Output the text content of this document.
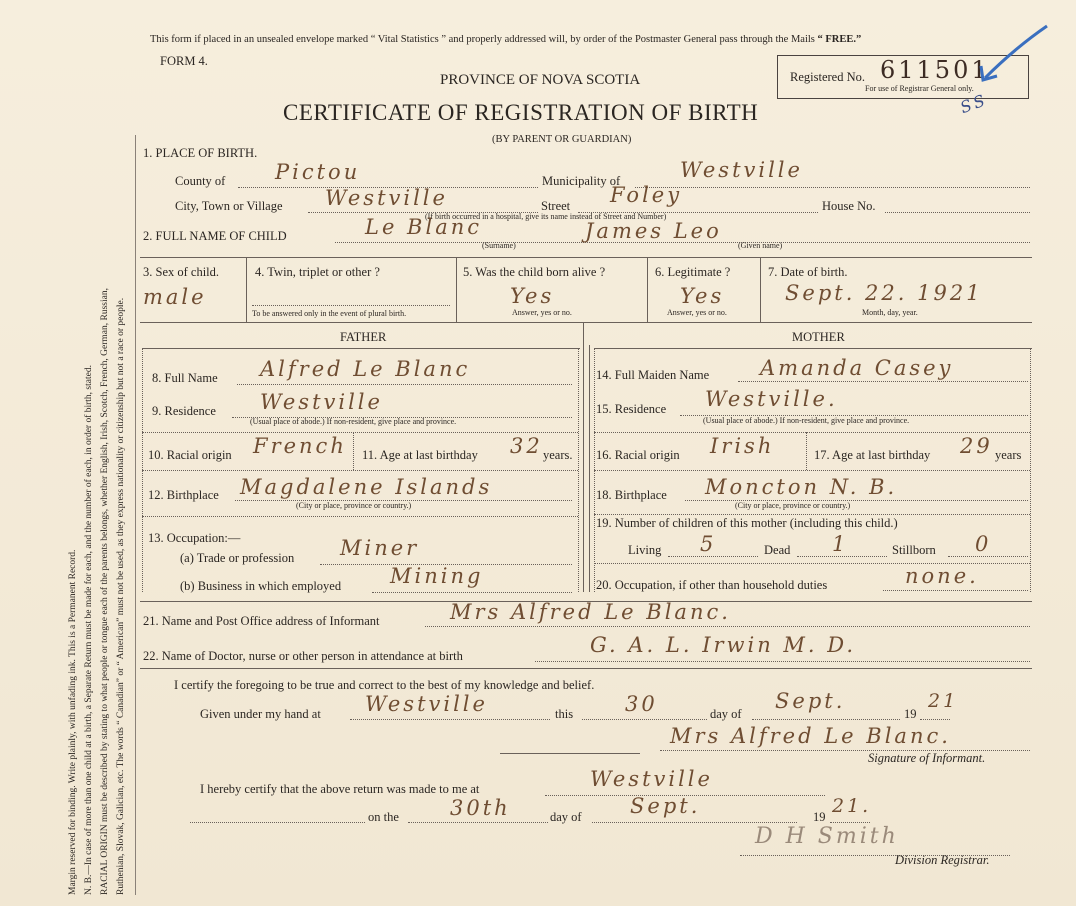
Margin reserved for binding. Write plainly, with unfading ink. This is a Permanent Record. N. B.—In case of more than one child at a birth, a Separate Return must be made for each, and the number of each, in order of birth, stated. RACIAL ORIGIN must be described by stating to what people or tongue each of the parents belongs, whether English, Irish, Scotch, French, German, Russian, Ruthenian, Slovak, Galician, etc. The words “ Canadian” or “ American” must not be used, as they express nationality or citizenship but not a race or people.
This form if placed in an unsealed envelope marked “ Vital Statistics ” and properly addressed will, by order of the Postmaster General pass through the Mails “ FREE.”
FORM 4.
PROVINCE OF NOVA SCOTIA
CERTIFICATE OF REGISTRATION OF BIRTH
(BY PARENT OR GUARDIAN)
Registered No. 611501
For use of Registrar General only.
SS
1. PLACE OF BIRTH.
County of Pictou	Municipality of	Westville
City, Town or Village Westville	Street Foley	House No.
(If birth occurred in a hospital, give its name instead of Street and Number)
2. FULL NAME OF CHILD	Le Blanc	James Leo
(Surname)	(Given name)
3. Sex of child.
male
4. Twin, triplet or other ?
To be answered only in the event of plural birth.
5. Was the child born alive ?
Yes
Answer, yes or no.
6. Legitimate ?
Yes
Answer, yes or no.
7. Date of birth.
Sept. 22. 1921
Month, day, year.
FATHER	MOTHER
8. Full Name Alfred Le Blanc
9. Residence Westville
(Usual place of abode.) If non-resident, give place and province.
10. Racial origin French 11. Age at last birthday 32 years.
12. Birthplace Magdalene Islands
(City or place, province or country.)
13. Occupation:—
(a) Trade or profession Miner
(b) Business in which employed Mining
14. Full Maiden Name Amanda Casey
15. Residence Westville.
(Usual place of abode.) If non-resident, give place and province.
16. Racial origin Irish	17. Age at last birthday 29 years
18. Birthplace Moncton N. B.
(City or place, province or country.)
19. Number of children of this mother (including this child.)
Living 5	Dead 1	Stillborn 0
20. Occupation, if other than household duties	none.
21. Name and Post Office address of Informant	Mrs Alfred Le Blanc.
22. Name of Doctor, nurse or other person in attendance at birth	G. A. L. Irwin M. D.
I certify the foregoing to be true and correct to the best of my knowledge and belief.
Given under my hand at Westville	this 30	day of
Sept.
19
21
Mrs Alfred Le Blanc.
Signature of Informant.
I hereby certify that the above return was made to me at	Westville
on the 30th	day of Sept.	19 21.
D H Smith
Division Registrar.
